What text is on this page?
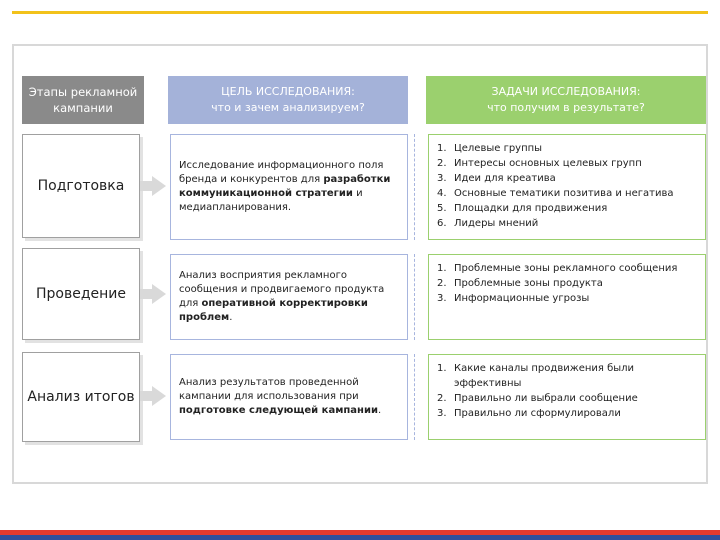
Этапы рекламной кампании
ЦЕЛЬ ИССЛЕДОВАНИЯ:
что и зачем анализируем?
ЗАДАЧИ ИССЛЕДОВАНИЯ:
что получим в результате?
Подготовка
Исследование информационного поля бренда и конкурентов для разработки коммуникационной стратегии и медиапланирования.
1. Целевые группы
2. Интересы основных целевых групп
3. Идеи для креатива
4. Основные тематики позитива и негатива
5. Площадки для продвижения
6. Лидеры мнений
Проведение
Анализ восприятия рекламного сообщения и продвигаемого продукта для оперативной корректировки проблем.
1. Проблемные зоны рекламного сообщения
2. Проблемные зоны продукта
3. Информационные угрозы
Анализ итогов
Анализ результатов проведенной кампании для использования при подготовке следующей кампании.
1. Какие каналы продвижения были эффективны
2. Правильно ли выбрали сообщение
3. Правильно ли сформулировали
